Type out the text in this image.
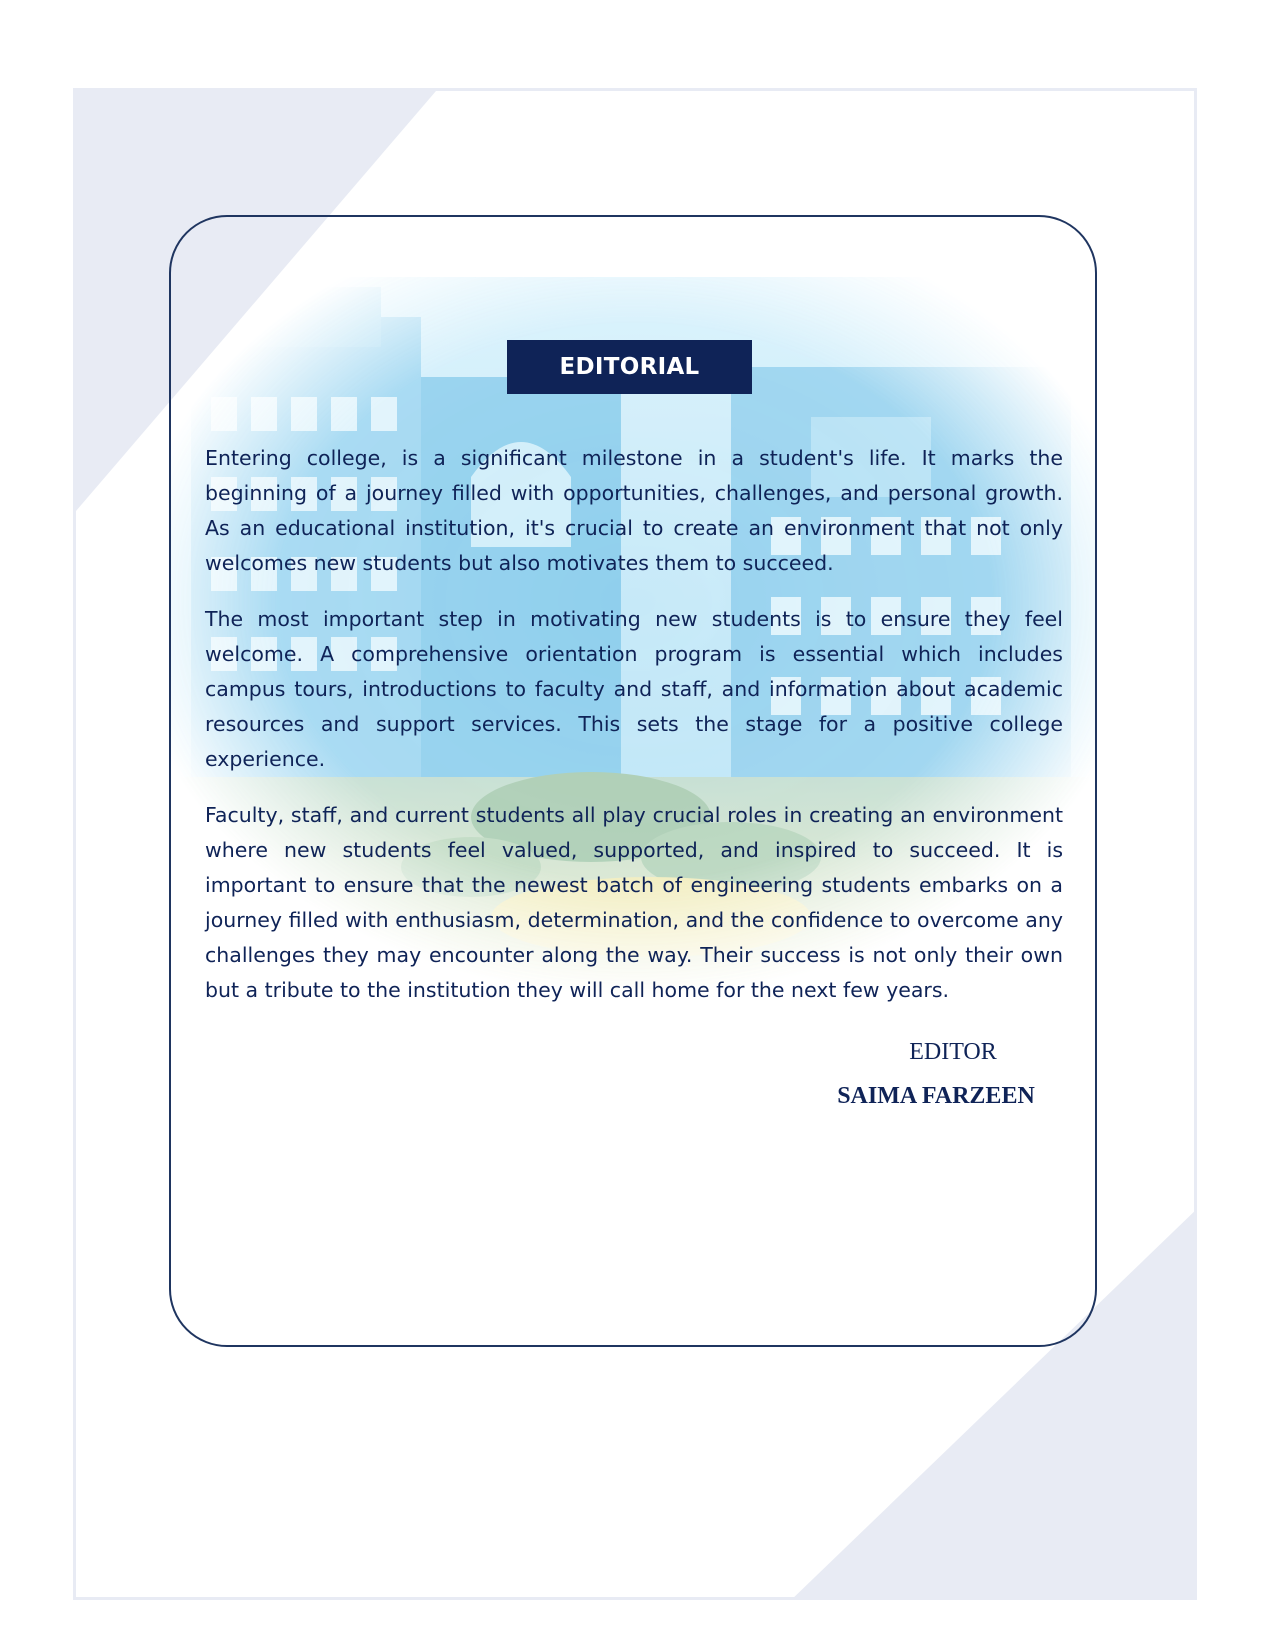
EDITORIAL

Entering college, is a significant milestone in a student's life. It marks the beginning of a journey filled with opportunities, challenges, and personal growth. As an educational institution, it's crucial to create an environment that not only welcomes new students but also motivates them to succeed.

The most important step in motivating new students is to ensure they feel welcome. A comprehensive orientation program is essential which includes campus tours, introductions to faculty and staff, and information about academic resources and support services. This sets the stage for a positive college experience.

Faculty, staff, and current students all play crucial roles in creating an environment where new students feel valued, supported, and inspired to succeed. It is important to ensure that the newest batch of engineering students embarks on a journey filled with enthusiasm, determination, and the confidence to overcome any challenges they may encounter along the way. Their success is not only their own but a tribute to the institution they will call home for the next few years.

EDITOR
SAIMA FARZEEN
